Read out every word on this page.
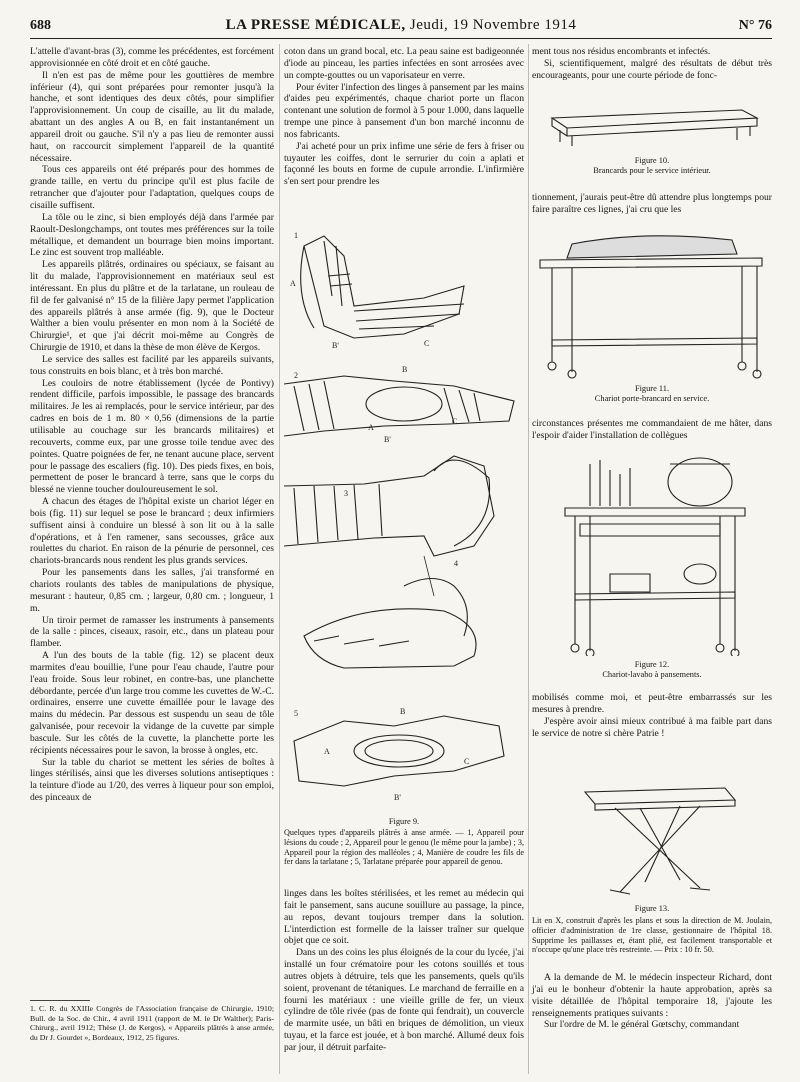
688	LA PRESSE MÉDICALE, Jeudi, 19 Novembre 1914	N° 76

L'attelle d'avant-bras (3), comme les précédentes, est forcément approvisionnée en côté droit et en côté gauche.

Il n'en est pas de même pour les gouttières de membre inférieur (4), qui sont préparées pour remonter jusqu'à la hanche, et sont identiques des deux côtés, pour simplifier l'approvisionnement. Un coup de cisaille, au lit du malade, abattant un des angles A ou B, en fait instantanément un appareil droit ou gauche. S'il n'y a pas lieu de remonter aussi haut, on raccourcit simplement l'appareil de la quantité nécessaire.

Tous ces appareils ont été préparés pour des hommes de grande taille, en vertu du principe qu'il est plus facile de retrancher que d'ajouter pour l'adaptation, quelques coups de cisaille suffisent.

La tôle ou le zinc, si bien employés déjà dans l'armée par Raoult-Deslongchamps, ont toutes mes préférences sur la toile métallique, et demandent un bourrage bien moins important. Le zinc est souvent trop malléable.

Les appareils plâtrés, ordinaires ou spéciaux, se faisant au lit du malade, l'approvisionnement en matériaux seul est intéressant. En plus du plâtre et de la tarlatane, un rouleau de fil de fer galvanisé n° 15 de la filière Japy permet l'application des appareils plâtrés à anse armée (fig. 9), que le Docteur Walther a bien voulu présenter en mon nom à la Société de Chirurgie¹, et que j'ai décrit moi-même au Congrès de Chirurgie de 1910, et dans la thèse de mon élève de Kergos.

Le service des salles est facilité par les appareils suivants, tous construits en bois blanc, et à très bon marché.

Les couloirs de notre établissement (lycée de Pontivy) rendent difficile, parfois impossible, le passage des brancards militaires. Je les ai remplacés, pour le service intérieur, par des cadres en bois de 1 m. 80 × 0,56 (dimensions de la partie utilisable au couchage sur les brancards militaires) et recouverts, comme eux, par une grosse toile tendue avec des pointes. Quatre poignées de fer, ne tenant aucune place, servent pour le passage des escaliers (fig. 10). Des pieds fixes, en bois, permettent de poser le brancard à terre, sans que le corps du blessé ne vienne toucher douloureusement le sol.

A chacun des étages de l'hôpital existe un chariot léger en bois (fig. 11) sur lequel se pose le brancard ; deux infirmiers suffisent ainsi à conduire un blessé à son lit ou à la salle d'opérations, et à l'en ramener, sans secousses, grâce aux roulettes du chariot. En raison de la pénurie de personnel, ces chariots-brancards nous rendent les plus grands services.

Pour les pansements dans les salles, j'ai transformé en chariots roulants des tables de manipulations de physique, mesurant : hauteur, 0,85 cm. ; largeur, 0,80 cm. ; longueur, 1 m.

Un tiroir permet de ramasser les instruments à pansements de la salle : pinces, ciseaux, rasoir, etc., dans un plateau pour flamber.

A l'un des bouts de la table (fig. 12) se placent deux marmites d'eau bouillie, l'une pour l'eau chaude, l'autre pour l'eau froide. Sous leur robinet, en contre-bas, une planchette débordante, percée d'un large trou comme les cuvettes de W.-C. ordinaires, enserre une cuvette émaillée pour le lavage des mains du médecin. Par dessous est suspendu un seau de tôle galvanisée, pour recevoir la vidange de la cuvette par simple bascule. Sur les côtés de la cuvette, la planchette porte les récipients nécessaires pour le savon, la brosse à ongles, etc.

Sur la table du chariot se mettent les séries de boîtes à linges stérilisés, ainsi que les diverses solutions antiseptiques : la teinture d'iode au 1/20, des verres à liqueur pour son emploi, des pinceaux de

1. C. R. du XXIIIe Congrès de l'Association française de Chirurgie, 1910; Bull. de la Soc. de Chir., 4 avril 1911 (rapport de M. le Dr Walther); Paris-Chirurg., avril 1912; Thèse (J. de Kergos), « Appareils plâtrés à anse armée, du Dr J. Gourdet », Bordeaux, 1912, 25 figures.

coton dans un grand bocal, etc. La peau saine est badigeonnée d'iode au pinceau, les parties infectées en sont arrosées avec un compte-gouttes ou un vaporisateur en verre.

Pour éviter l'infection des linges à pansement par les mains d'aides peu expérimentés, chaque chariot porte un flacon contenant une solution de formol à 5 pour 1.000, dans laquelle trempe une pince à pansement d'un bon marché inconnu de nos fabricants.

J'ai acheté pour un prix infime une série de fers à friser ou tuyauter les coiffes, dont le serrurier du coin a aplati et façonné les bouts en forme de cupule arrondie. L'infirmière s'en sert pour prendre les

1
A
B'	C
B
A
B'
C
2
3
4
B
A
B'
C
5
Figure 9.
Quelques types d'appareils plâtrés à anse armée. — 1, Appareil pour lésions du coude ; 2, Appareil pour le genou (le même pour la jambe) ; 3, Appareil pour la région des malléoles ; 4, Manière de coudre les fils de fer dans la tarlatane ; 5, Tarlatane préparée pour appareil de genou.

linges dans les boîtes stérilisées, et les remet au médecin qui fait le pansement, sans aucune souillure au passage, la pince, au repos, devant toujours tremper dans la solution. L'interdiction est formelle de la laisser traîner sur quelque objet que ce soit.

Dans un des coins les plus éloignés de la cour du lycée, j'ai installé un four crématoire pour les cotons souillés et tous autres objets à détruire, tels que les pansements, quels qu'ils soient, provenant de tétaniques. Le marchand de ferraille en a fourni les matériaux : une vieille grille de fer, un vieux cylindre de tôle rivée (pas de fonte qui fendrait), un couvercle de marmite usée, un bâti en briques de démolition, un vieux tuyau, et la farce est jouée, et à bon marché. Allumé deux fois par jour, il détruit parfaite-

ment tous nos résidus encombrants et infectés.

Si, scientifiquement, malgré des résultats de début très encourageants, pour une courte période de fonc-

Figure 10.
Brancards pour le service intérieur.

tionnement, j'aurais peut-être dû attendre plus longtemps pour faire paraître ces lignes, j'ai cru que les

Figure 11.
Chariot porte-brancard en service.

circonstances présentes me commandaient de me hâter, dans l'espoir d'aider l'installation de collègues

Figure 12.
Chariot-lavabo à pansements.

mobilisés comme moi, et peut-être embarrassés sur les mesures à prendre.

J'espère avoir ainsi mieux contribué à ma faible part dans le service de notre si chère Patrie !

Figure 13.
Lit en X, construit d'après les plans et sous la direction de M. Joulain, officier d'administration de 1re classe, gestionnaire de l'hôpital 18. Supprime les paillasses et, étant plié, est facilement transportable et n'occupe qu'une place très restreinte. — Prix : 10 fr. 50.

A la demande de M. le médecin inspecteur Richard, dont j'ai eu le bonheur d'obtenir la haute approbation, après sa visite détaillée de l'hôpital temporaire 18, j'ajoute les renseignements pratiques suivants :

Sur l'ordre de M. le général Gœtschy, commandant
